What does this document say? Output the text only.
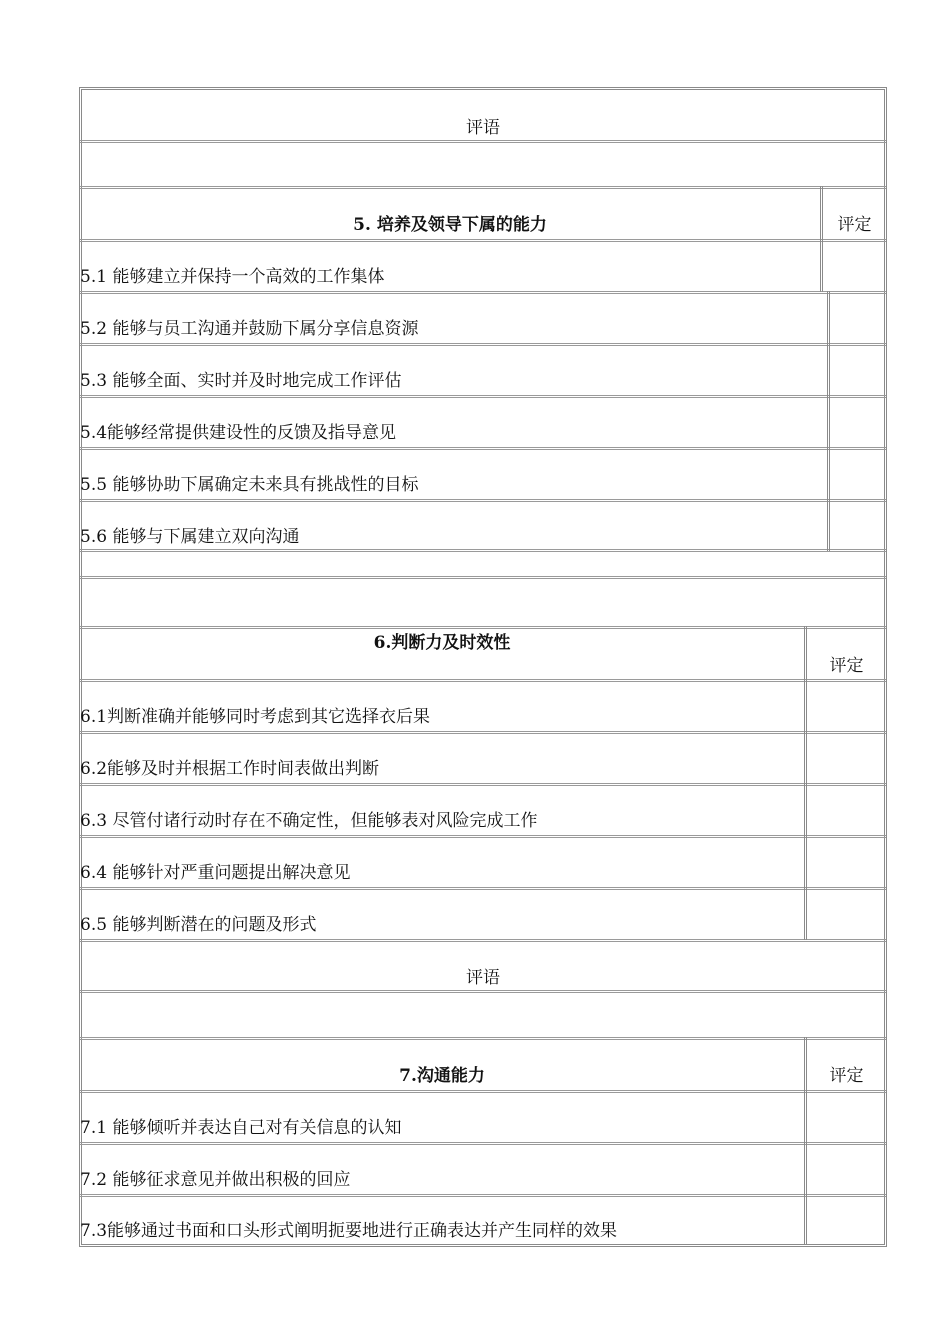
评语
5. 培养及领导下属的能力	评定
5.1 能够建立并保持一个高效的工作集体
5.2 能够与员工沟通并鼓励下属分享信息资源
5.3 能够全面、实时并及时地完成工作评估
5.4能够经常提供建设性的反馈及指导意见
5.5 能够协助下属确定未来具有挑战性的目标
5.6 能够与下属建立双向沟通
6.判断力及时效性
评定
6.1判断准确并能够同时考虑到其它选择衣后果
6.2能够及时并根据工作时间表做出判断
6.3 尽管付诸行动时存在不确定性，但能够表对风险完成工作
6.4 能够针对严重问题提出解决意见
6.5 能够判断潜在的问题及形式
评语
7.沟通能力	评定
7.1 能够倾听并表达自己对有关信息的认知
7.2 能够征求意见并做出积极的回应
7.3能够通过书面和口头形式阐明扼要地进行正确表达并产生同样的效果
